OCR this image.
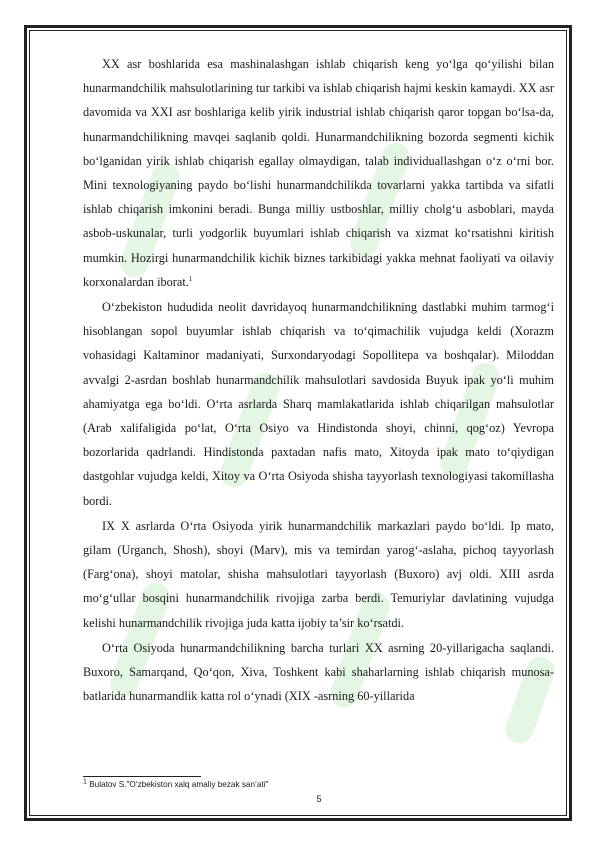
XX asr boshlarida esa mashinalashgan ishlab chiqarish keng yo‘lga qo‘yilishi bilan hunarmandchilik mahsulotlarining tur tarkibi va ishlab chiqarish hajmi keskin kamaydi. XX asr davomida va XXI asr boshlariga kelib yirik industrial ishlab chiqarish qaror topgan bo‘lsa-da, hunarmandchilikning mavqei saqlanib qoldi. Hunarmandchilikning bozorda segmenti kichik bo‘lganidan yirik ishlab chiqarish egallay olmaydigan, talab individuallashgan o‘z o‘rni bor. Mini texnologiyaning paydo bo‘lishi hunarmandchilikda tovarlarni yakka tartibda va sifatli ishlab chiqarish imkonini beradi. Bunga milliy ustboshlar, milliy cholg‘u asboblari, mayda asbob-uskunalar, turli yodgorlik buyumlari ishlab chiqarish va xizmat ko‘rsatishni kiritish mumkin. Hozirgi hunarmandchilik kichik biznes tarkibidagi yakka mehnat faoliyati va oilaviy korxonalardan iborat.$^1$

O‘zbekiston hududida neolit davridayoq hunarmandchilikning dastlabki muhim tarmog‘i hisoblangan sopol buyumlar ishlab chiqarish va to‘qimachilik vujudga keldi (Xorazm vohasidagi Kaltaminor madaniyati, Surxondaryodagi Sopollitepa va boshqalar). Miloddan avvalgi 2-asrdan boshlab hunarmandchilik mahsulotlari savdosida Buyuk ipak yo‘li muhim ahamiyatga ega bo‘ldi. O‘rta asrlarda Sharq mamlakatlarida ishlab chiqarilgan mahsulotlar (Arab xalifaligida po‘lat, O‘rta Osiyo va Hindistonda shoyi, chinni, qog‘oz) Yevropa bozorlarida qadrlandi. Hindistonda paxtadan nafis mato, Xitoyda ipak mato to‘qiydigan dastgohlar vujudga keldi, Xitoy va O‘rta Osiyoda shisha tayyorlash texnologiyasi takomillasha bordi.

IX X asrlarda O‘rta Osiyoda yirik hunarmandchilik markazlari paydo bo‘ldi. Ip mato, gilam (Urganch, Shosh), shoyi (Marv), mis va temirdan yarog‘-aslaha, pichoq tayyorlash (Farg‘ona), shoyi matolar, shisha mahsulotlari tayyorlash (Buxoro) avj oldi. XIII asrda mo‘g‘ullar bosqini hunarmandchilik rivojiga zarba berdi. Temuriylar davlatining vujudga kelishi hunarmandchilik rivojiga juda katta ijobiy ta’sir ko‘rsatdi.

O‘rta Osiyoda hunarmandchilikning barcha turlari XX asrning 20-yillarigacha saqlandi. Buxoro, Samarqand, Qo‘qon, Xiva, Toshkent kabi shaharlarning ishlab chiqarish munosa-batlarida hunarmandlik katta rol o‘ynadi (XIX -asrning 60-yillarida

$^1$ Bulatov S."O‘zbekiston xalq amaliy bezak san’ati"
5
